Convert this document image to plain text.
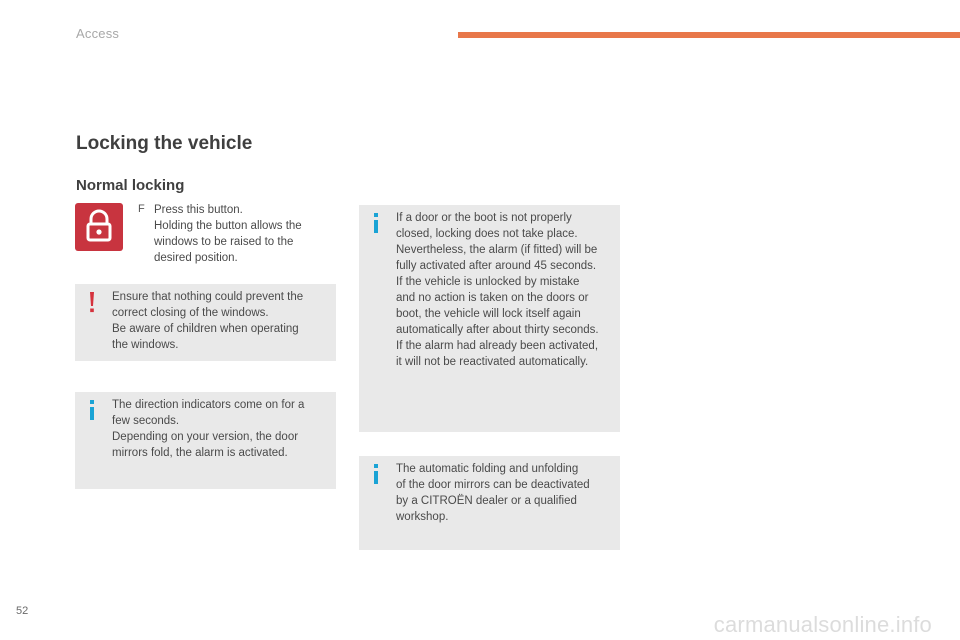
Access
Locking the vehicle
Normal locking
F Press this button.
Holding the button allows the
windows to be raised to the
desired position.
Ensure that nothing could prevent the
correct closing of the windows.
Be aware of children when operating
the windows.
The direction indicators come on for a
few seconds.
Depending on your version, the door
mirrors fold, the alarm is activated.
If a door or the boot is not properly
closed, locking does not take place.
Nevertheless, the alarm (if fitted) will be
fully activated after around 45 seconds.
If the vehicle is unlocked by mistake
and no action is taken on the doors or
boot, the vehicle will lock itself again
automatically after about thirty seconds.
If the alarm had already been activated,
it will not be reactivated automatically.
The automatic folding and unfolding
of the door mirrors can be deactivated
by a CITROËN dealer or a qualified
workshop.
52
carmanualsonline.info
